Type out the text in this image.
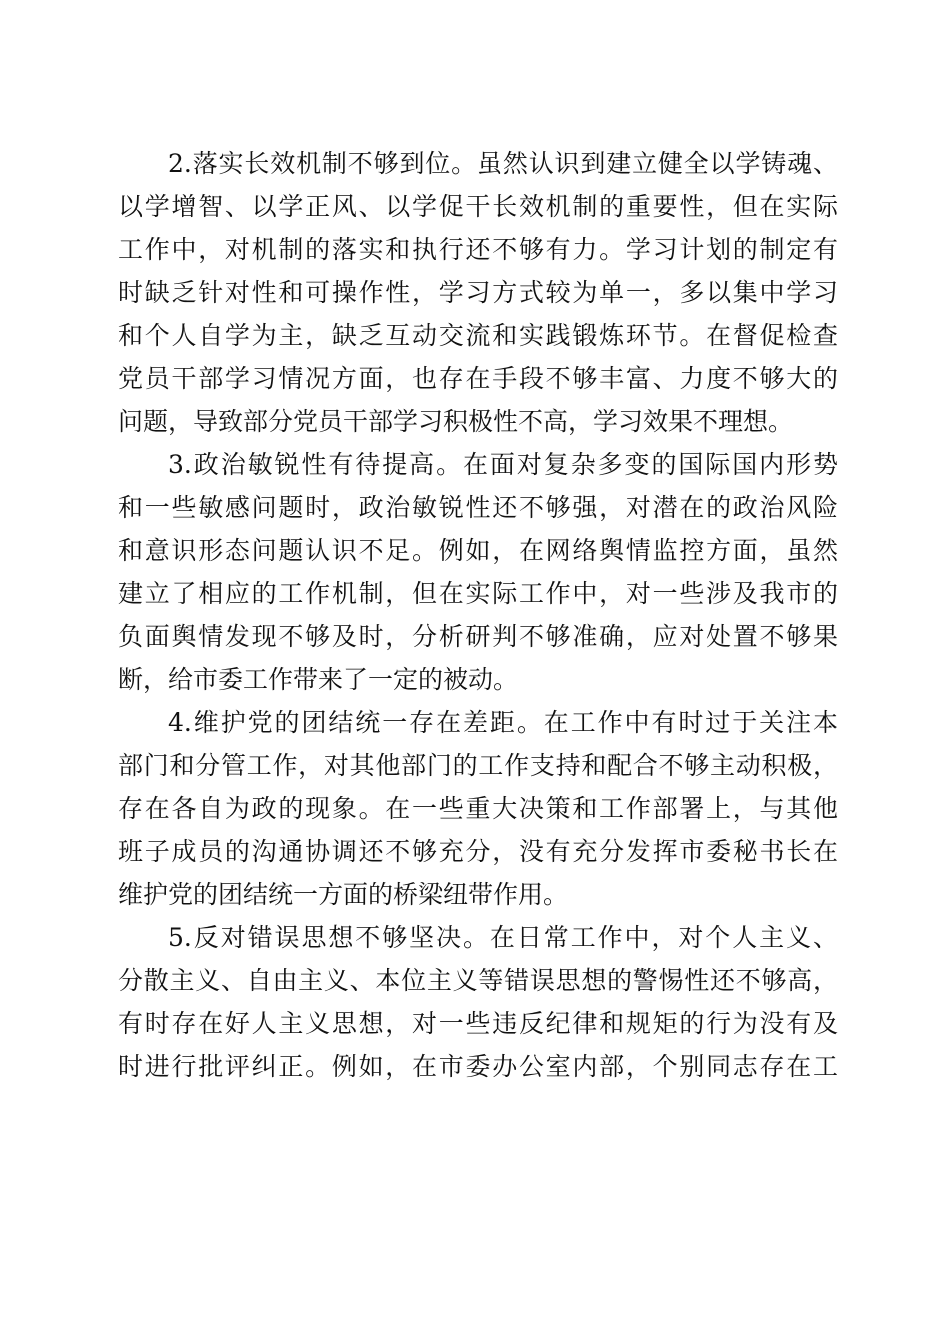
2.落实长效机制不够到位。虽然认识到建立健全以学铸魂、
以学增智、以学正风、以学促干长效机制的重要性，但在实际
工作中，对机制的落实和执行还不够有力。学习计划的制定有
时缺乏针对性和可操作性，学习方式较为单一，多以集中学习
和个人自学为主，缺乏互动交流和实践锻炼环节。在督促检查
党员干部学习情况方面，也存在手段不够丰富、力度不够大的
问题，导致部分党员干部学习积极性不高，学习效果不理想。
3.政治敏锐性有待提高。在面对复杂多变的国际国内形势
和一些敏感问题时，政治敏锐性还不够强，对潜在的政治风险
和意识形态问题认识不足。例如，在网络舆情监控方面，虽然
建立了相应的工作机制，但在实际工作中，对一些涉及我市的
负面舆情发现不够及时，分析研判不够准确，应对处置不够果
断，给市委工作带来了一定的被动。
4.维护党的团结统一存在差距。在工作中有时过于关注本
部门和分管工作，对其他部门的工作支持和配合不够主动积极，
存在各自为政的现象。在一些重大决策和工作部署上，与其他
班子成员的沟通协调还不够充分，没有充分发挥市委秘书长在
维护党的团结统一方面的桥梁纽带作用。
5.反对错误思想不够坚决。在日常工作中，对个人主义、
分散主义、自由主义、本位主义等错误思想的警惕性还不够高，
有时存在好人主义思想，对一些违反纪律和规矩的行为没有及
时进行批评纠正。例如，在市委办公室内部，个别同志存在工
